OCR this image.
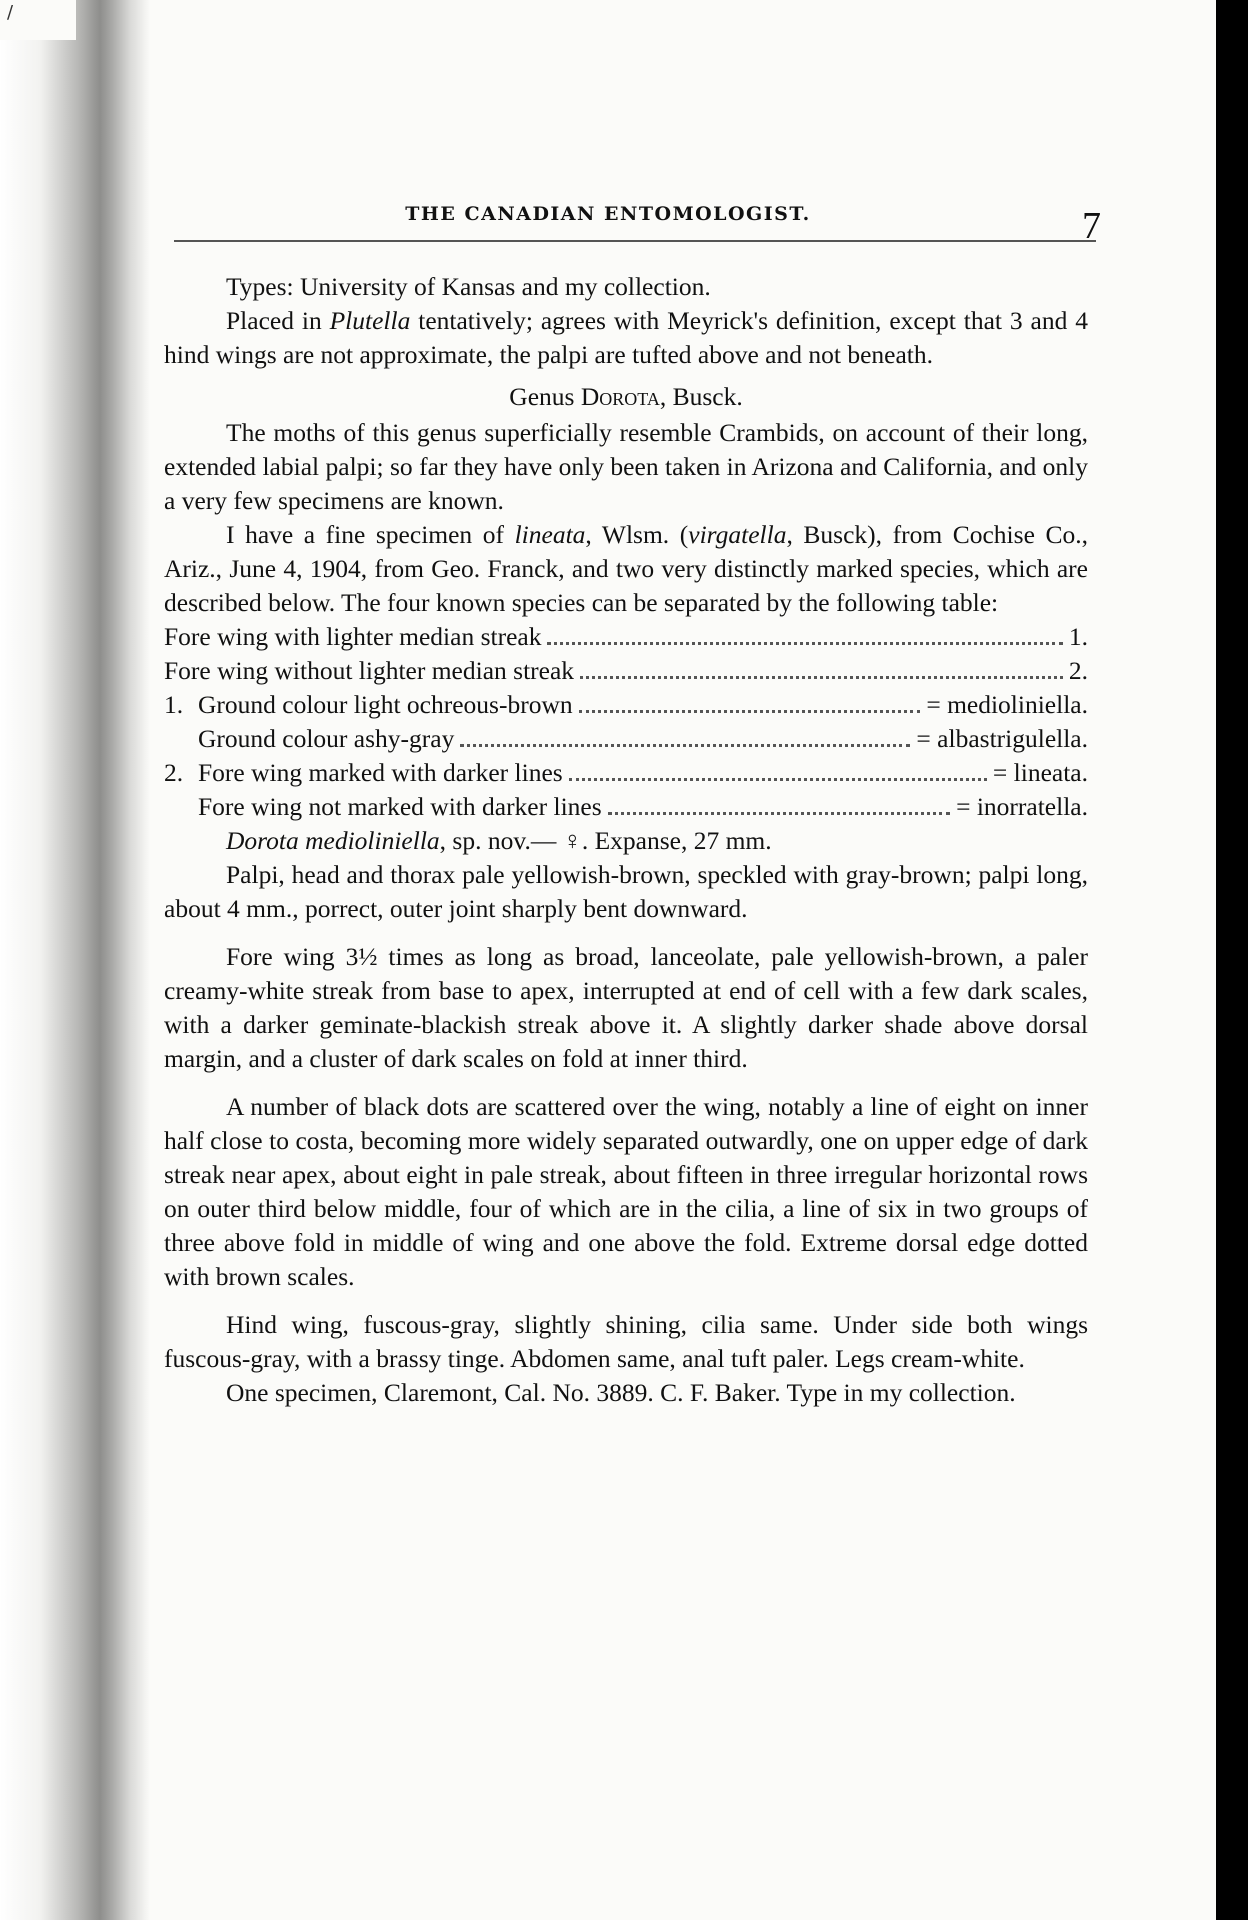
/
THE CANADIAN ENTOMOLOGIST.	7

Types: University of Kansas and my collection.

Placed in Plutella tentatively; agrees with Meyrick's definition, except that 3 and 4 hind wings are not approximate, the palpi are tufted above and not beneath.

Genus Dorota, Busck.

The moths of this genus superficially resemble Crambids, on account of their long, extended labial palpi; so far they have only been taken in Arizona and California, and only a very few specimens are known.

I have a fine specimen of lineata, Wlsm. (virgatella, Busck), from Cochise Co., Ariz., June 4, 1904, from Geo. Franck, and two very distinctly marked species, which are described below. The four known species can be separated by the following table:

Fore wing with lighter median streak	1.
Fore wing without lighter median streak	2.
1. Ground colour light ochreous-brown	= medioliniella.
Ground colour ashy-gray	= albastrigulella.
2. Fore wing marked with darker lines	= lineata.
Fore wing not marked with darker lines	= inorratella.

Dorota medioliniella, sp. nov.— ♀. Expanse, 27 mm.

Palpi, head and thorax pale yellowish-brown, speckled with gray-brown; palpi long, about 4 mm., porrect, outer joint sharply bent downward.

Fore wing 3½ times as long as broad, lanceolate, pale yellowish-brown, a paler creamy-white streak from base to apex, interrupted at end of cell with a few dark scales, with a darker geminate-blackish streak above it. A slightly darker shade above dorsal margin, and a cluster of dark scales on fold at inner third.

A number of black dots are scattered over the wing, notably a line of eight on inner half close to costa, becoming more widely separated outwardly, one on upper edge of dark streak near apex, about eight in pale streak, about fifteen in three irregular horizontal rows on outer third below middle, four of which are in the cilia, a line of six in two groups of three above fold in middle of wing and one above the fold. Extreme dorsal edge dotted with brown scales.

Hind wing, fuscous-gray, slightly shining, cilia same. Under side both wings fuscous-gray, with a brassy tinge. Abdomen same, anal tuft paler. Legs cream-white.

One specimen, Claremont, Cal. No. 3889. C. F. Baker. Type in my collection.
